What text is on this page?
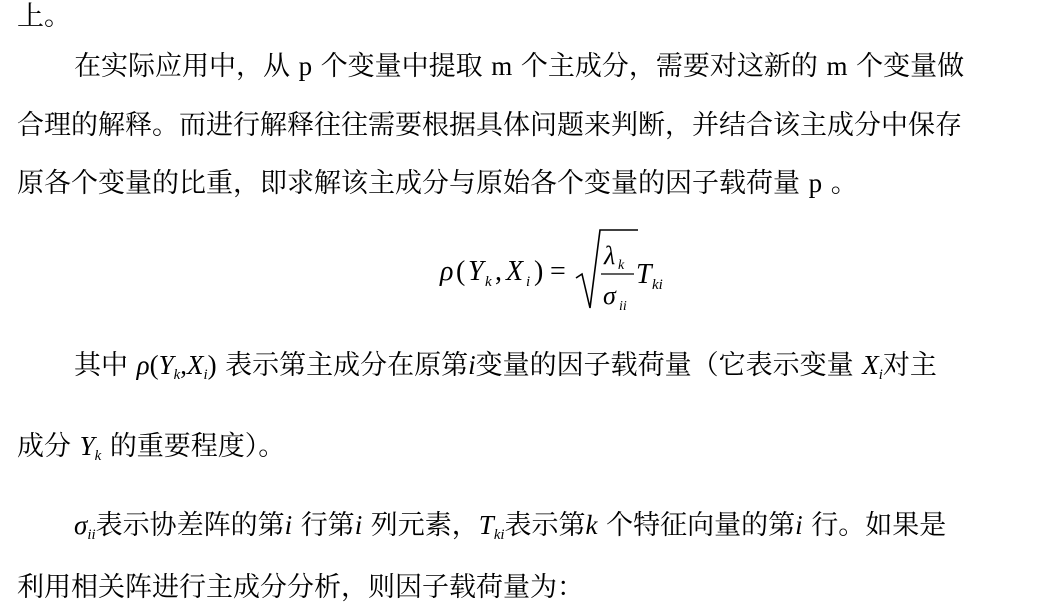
上。
在实际应用中，从 p 个变量中提取 m 个主成分，需要对这新的 m 个变量做
合理的解释。而进行解释往往需要根据具体问题来判断，并结合该主成分中保存
原各个变量的比重，即求解该主成分与原始各个变量的因子载荷量 p 。
ρ ( Y k , X i ) =
λ k
σ ii
T ki
其中 $\rho(Y_k,X_i)$ 表示第主成分在原第i变量的因子载荷量（它表示变量 $X_i$对主
成分 $Y_k$ 的重要程度）。
$\sigma_{ii}$表示协差阵的第i 行第i 列元素，$T_{ki}$表示第k 个特征向量的第i 行。如果是
利用相关阵进行主成分分析，则因子载荷量为：
